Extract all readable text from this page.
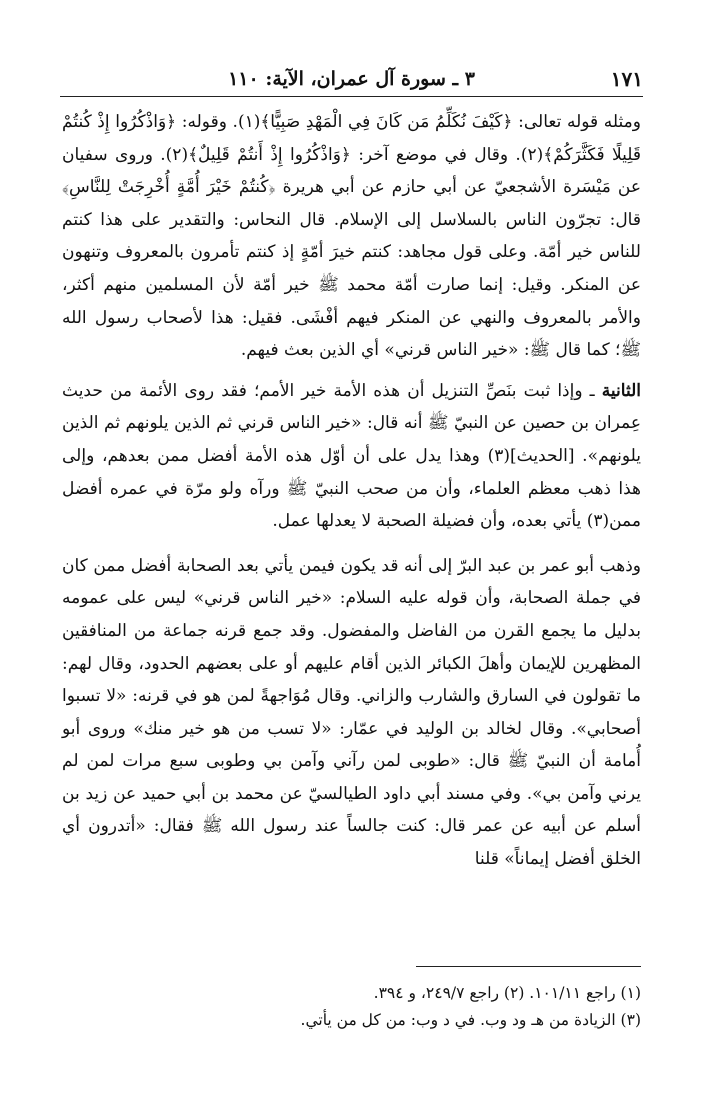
١٧١
٣ ـ سورة آل عمران، الآية: ١١٠

ومثله قوله تعالى: ﴿كَيْفَ نُكَلِّمُ مَن كَانَ فِي الْمَهْدِ صَبِيًّا﴾(١). وقوله: ﴿وَاذْكُرُوا إِذْ كُنتُمْ قَلِيلًا فَكَثَّرَكُمْ﴾(٢). وقال في موضع آخر: ﴿وَاذْكُرُوا إِذْ أَنتُمْ قَلِيلٌ﴾(٢). وروى سفيان عن مَيْسَرة الأشجعيّ عن أبي حازم عن أبي هريرة ﴿كُنتُمْ خَيْرَ أُمَّةٍ أُخْرِجَتْ لِلنَّاسِ﴾ قال: تجرّون الناس بالسلاسل إلى الإسلام. قال النحاس: والتقدير على هذا كنتم للناس خير أمّة. وعلى قول مجاهد: كنتم خيرَ أمّةٍ إذ كنتم تأمرون بالمعروف وتنهون عن المنكر. وقيل: إنما صارت أمّة محمد ﷺ خير أمّة لأن المسلمين منهم أكثر، والأمر بالمعروف والنهي عن المنكر فيهم أفْشَى. فقيل: هذا لأصحاب رسول الله ﷺ؛ كما قال ﷺ: «خير الناس قرني» أي الذين بعث فيهم.

الثانية ـ وإذا ثبت بنَصِّ التنزيل أن هذه الأمة خير الأمم؛ فقد روى الأئمة من حديث عِمران بن حصين عن النبيّ ﷺ أنه قال: «خير الناس قرني ثم الذين يلونهم ثم الذين يلونهم». [الحديث](٣) وهذا يدل على أن أوّل هذه الأمة أفضل ممن بعدهم، وإلى هذا ذهب معظم العلماء، وأن من صحب النبيّ ﷺ ورآه ولو مرّة في عمره أفضل ممن(٣) يأتي بعده، وأن فضيلة الصحبة لا يعدلها عمل.

وذهب أبو عمر بن عبد البرّ إلى أنه قد يكون فيمن يأتي بعد الصحابة أفضل ممن كان في جملة الصحابة، وأن قوله عليه السلام: «خير الناس قرني» ليس على عمومه بدليل ما يجمع القرن من الفاضل والمفضول. وقد جمع قرنه جماعة من المنافقين المظهرين للإيمان وأهلَ الكبائر الذين أقام عليهم أو على بعضهم الحدود، وقال لهم: ما تقولون في السارق والشارب والزاني. وقال مُوَاجهةً لمن هو في قرنه: «لا تسبوا أصحابي». وقال لخالد بن الوليد في عمّار: «لا تسب من هو خير منك» وروى أبو أُمامة أن النبيّ ﷺ قال: «طوبى لمن رآني وآمن بي وطوبى سبع مرات لمن لم يرني وآمن بي». وفي مسند أبي داود الطيالسيّ عن محمد بن أبي حميد عن زيد بن أسلم عن أبيه عن عمر قال: كنت جالساً عند رسول الله ﷺ فقال: «أتدرون أي الخلق أفضل إيماناً» قلنا

(١) راجع ١٠١/١١. (٢) راجع ٢٤٩/٧، و ٣٩٤.

(٣) الزيادة من هـ ود وب. في د وب: من كل من يأتي.
